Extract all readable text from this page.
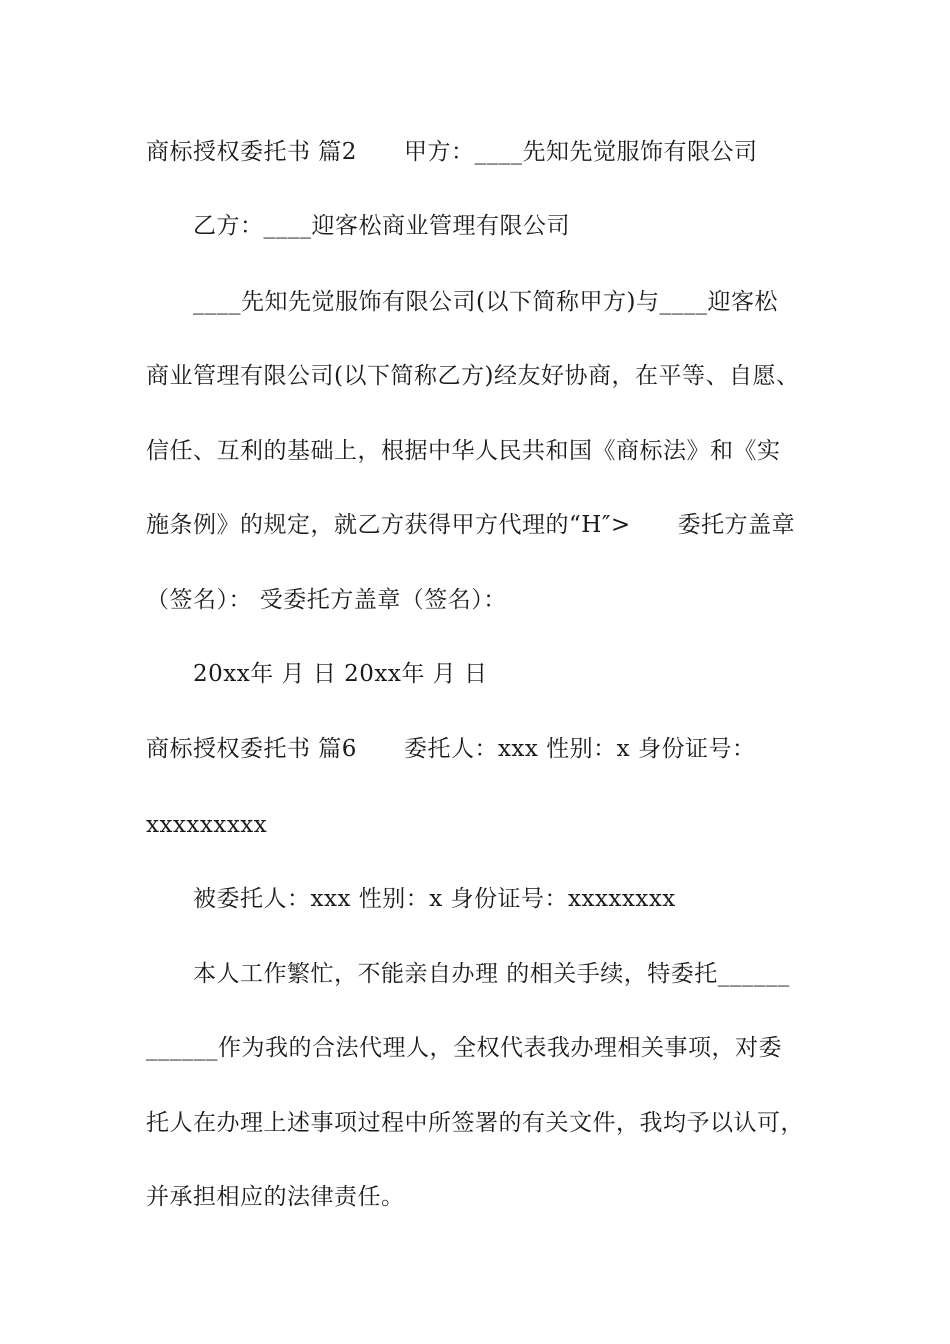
商标授权委托书 篇2　　甲方：____先知先觉服饰有限公司
乙方：____迎客松商业管理有限公司
____先知先觉服饰有限公司(以下简称甲方)与____迎客松
商业管理有限公司(以下简称乙方)经友好协商，在平等、自愿、
信任、互利的基础上，根据中华人民共和国《商标法》和《实
施条例》的规定，就乙方获得甲方代理的“H″>　　委托方盖章
（签名）： 受委托方盖章（签名）：
20xx年 月 日 20xx年 月 日
商标授权委托书 篇6　　委托人：xxx 性别：x 身份证号：
xxxxxxxxx
被委托人：xxx 性别：x 身份证号：xxxxxxxx
本人工作繁忙，不能亲自办理 的相关手续，特委托______
______作为我的合法代理人，全权代表我办理相关事项，对委
托人在办理上述事项过程中所签署的有关文件，我均予以认可，
并承担相应的法律责任。
